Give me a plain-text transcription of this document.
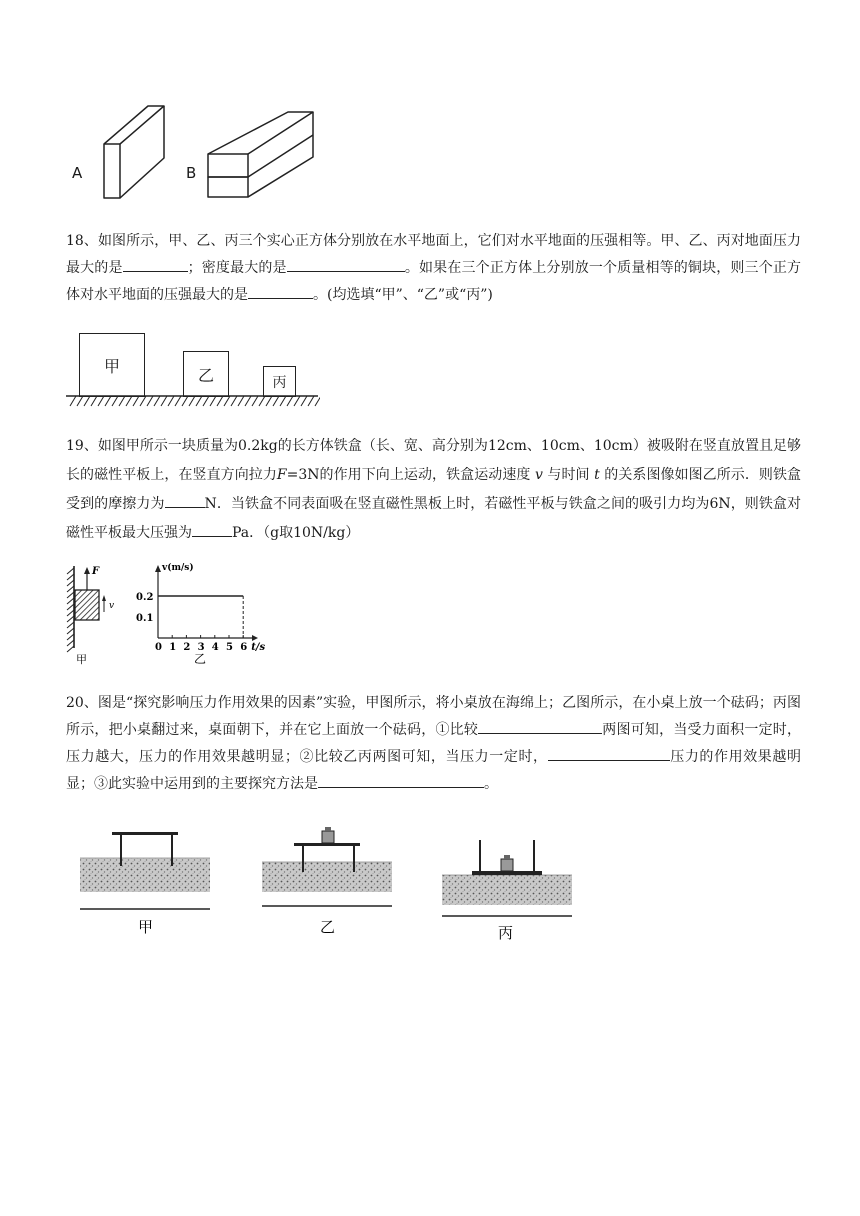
A	B
18、如图所示，甲、乙、丙三个实心正方体分别放在水平地面上，它们对水平地面的压强相等。甲、乙、丙对地面压力最大的是	；密度最大的是	。如果在三个正方体上分别放一个质量相等的铜块，则三个正方体对水平地面的压强最大的是	。(均选填“甲”、“乙”或“丙”)
甲	乙	丙
19、如图甲所示一块质量为0.2kg的长方体铁盒（长、宽、高分别为12cm、10cm、10cm）被吸附在竖直放置且足够长的磁性平板上，在竖直方向拉力F=3N的作用下向上运动，铁盒运动速度 v 与时间 t 的关系图像如图乙所示．则铁盒受到的摩擦力为	N．当铁盒不同表面吸在竖直磁性黑板上时，若磁性平板与铁盒之间的吸引力均为6N，则铁盒对磁性平板最大压强为	Pa．（g取10N/kg）
F
v
甲
v(m/s)
0.1
0.2
0 1 2 3 4 5 6 t/s
乙
20、图是“探究影响压力作用效果的因素”实验，甲图所示，将小桌放在海绵上；乙图所示，在小桌上放一个砝码；丙图所示，把小桌翻过来，桌面朝下，并在它上面放一个砝码，①比较	两图可知，当受力面积一定时，压力越大，压力的作用效果越明显；②比较乙丙两图可知，当压力一定时，	压力的作用效果越明显；③此实验中运用到的主要探究方法是	。
甲	乙	丙
